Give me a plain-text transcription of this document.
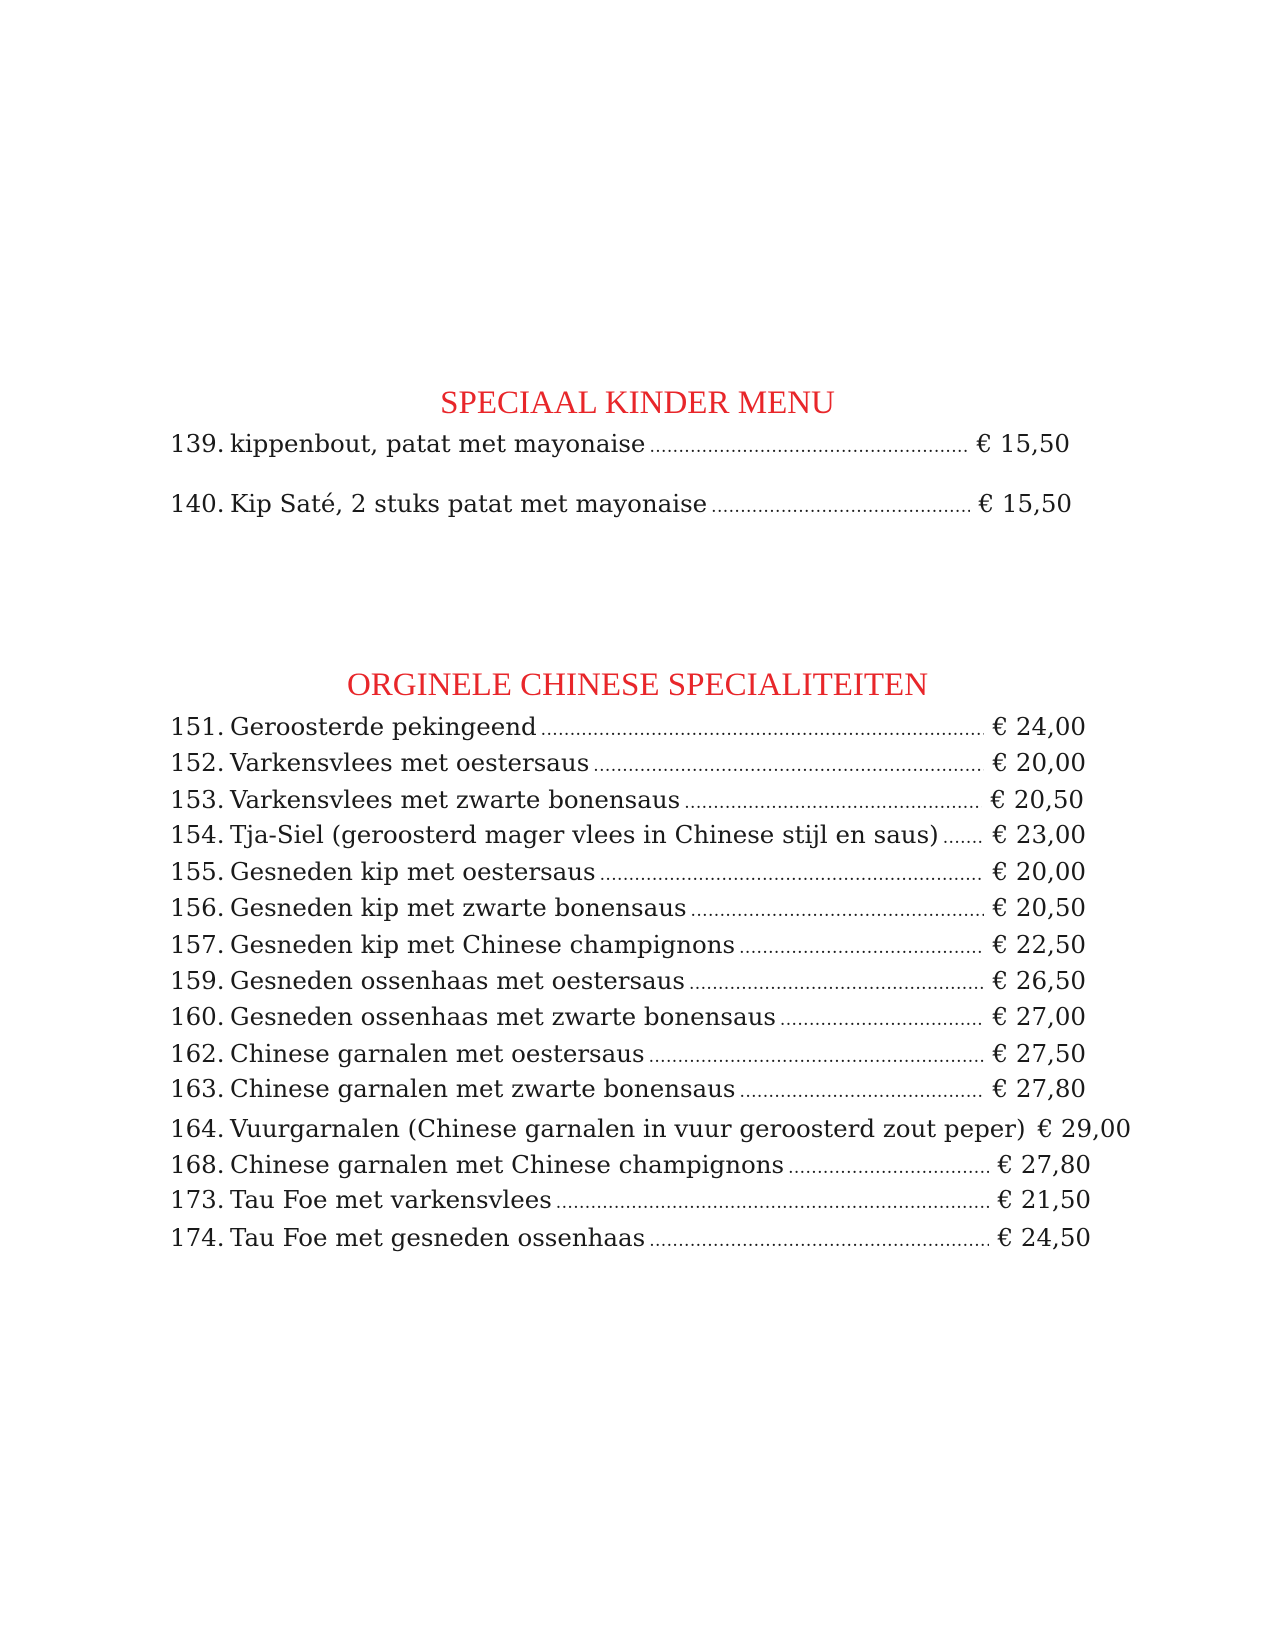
SPECIAAL KINDER MENU
139. kippenbout, patat met mayonaise .....	€ 15,50
140. Kip Saté, 2 stuks patat met mayonaise .....	€ 15,50
ORGINELE CHINESE SPECIALITEITEN
151. Geroosterde pekingeend .....	€ 24,00
152. Varkensvlees met oestersaus .....	€ 20,00
153. Varkensvlees met zwarte bonensaus .....	€ 20,50
154. Tja-Siel (geroosterd mager vlees in Chinese stijl en saus) .....	€ 23,00
155. Gesneden kip met oestersaus .....	€ 20,00
156. Gesneden kip met zwarte bonensaus .....	€ 20,50
157. Gesneden kip met Chinese champignons .....	€ 22,50
159. Gesneden ossenhaas met oestersaus .....	€ 26,50
160. Gesneden ossenhaas met zwarte bonensaus .....	€ 27,00
162. Chinese garnalen met oestersaus .....	€ 27,50
163. Chinese garnalen met zwarte bonensaus .....	€ 27,80
164. Vuurgarnalen (Chinese garnalen in vuur geroosterd zout peper) € 29,00
168. Chinese garnalen met Chinese champignons .....	€ 27,80
173. Tau Foe met varkensvlees .....	€ 21,50
174. Tau Foe met gesneden ossenhaas .....	€ 24,50
